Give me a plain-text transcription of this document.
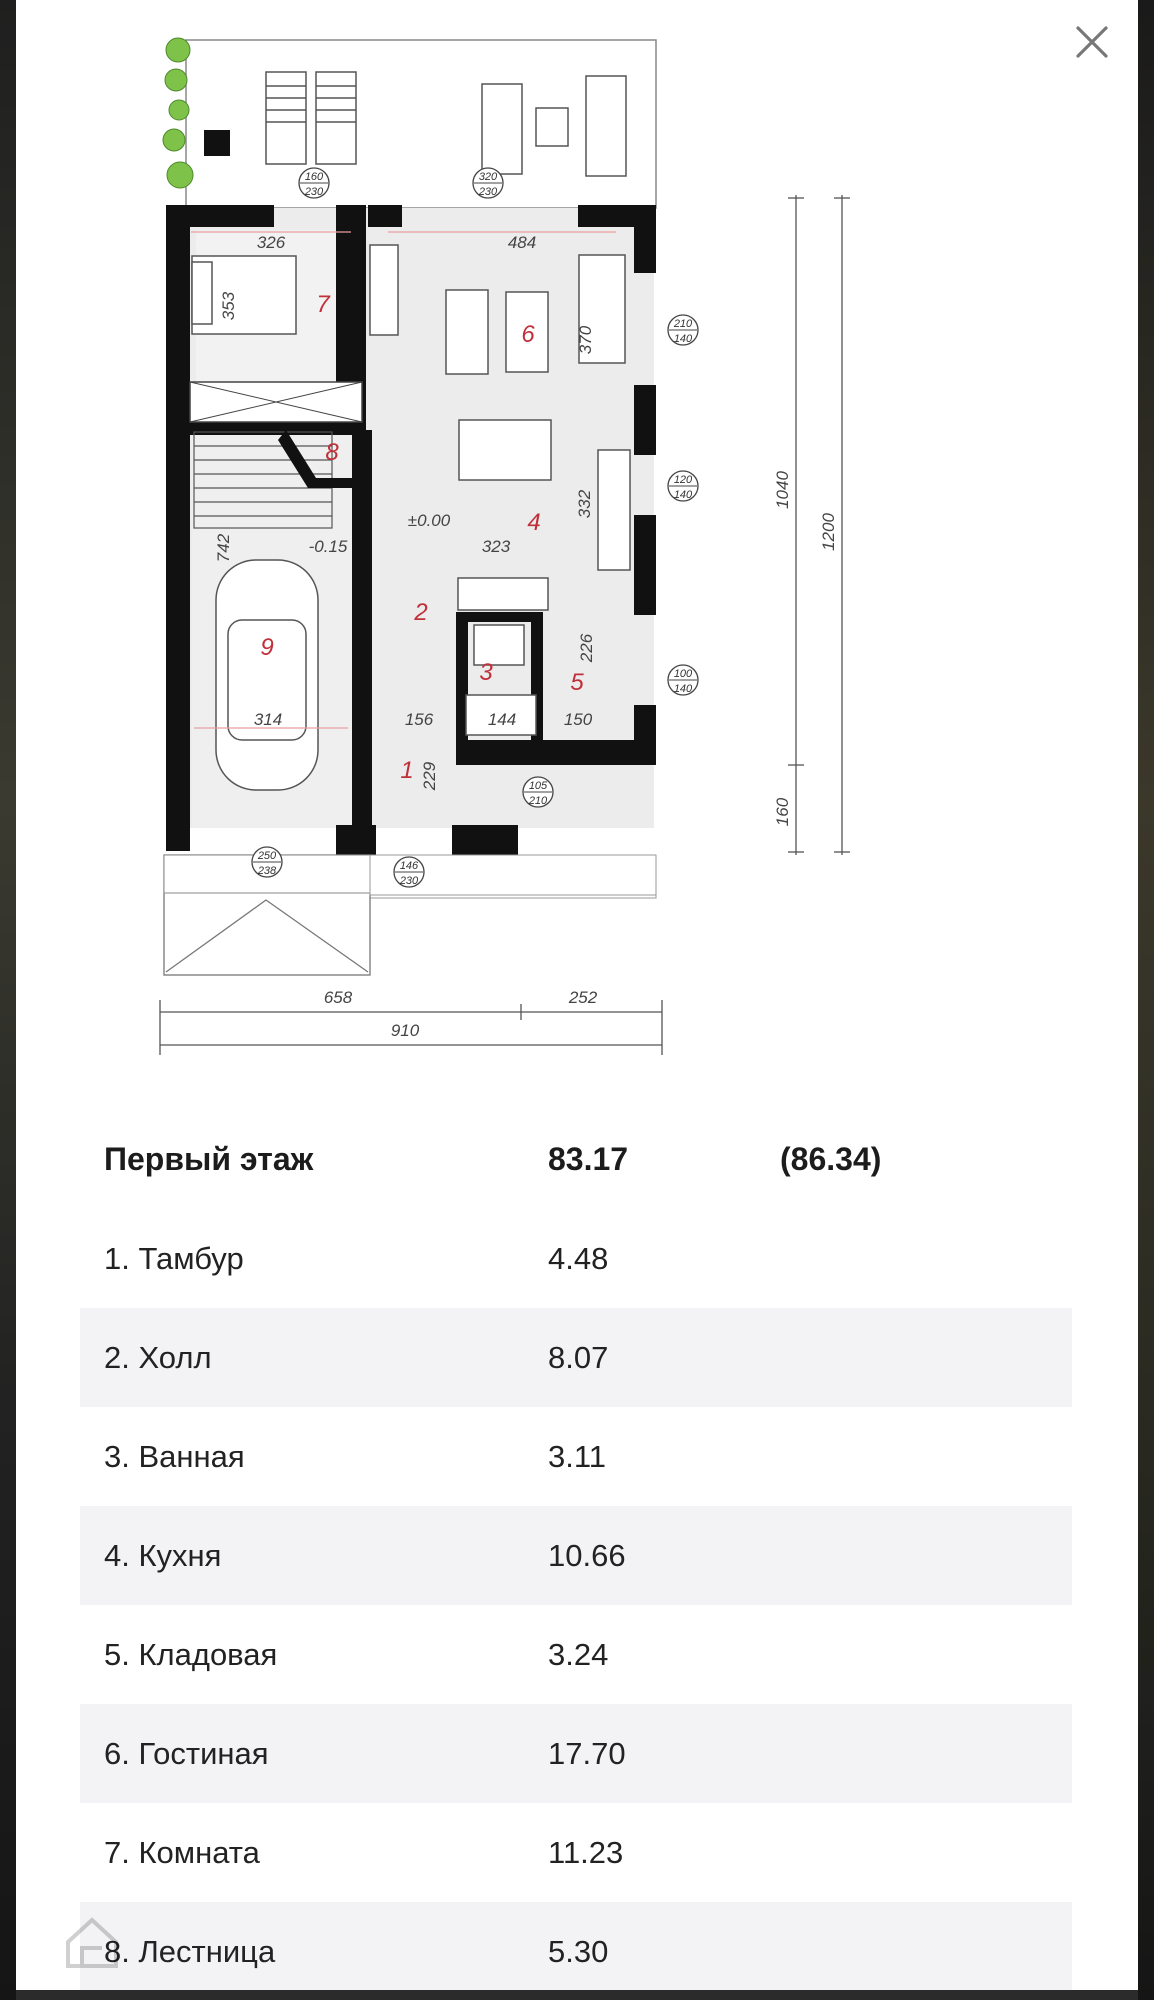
160
230
320
230
210
140
120
140
100
140
105
210
250
238	146
230
1
2
3
4
5
6
7
8
9
326	484
±0.00
-0.15	323
314	156	144	150
658	252
910
353
370
332
742
226
229
1040
1200
160
Первый этаж	83.17	(86.34)
1. Тамбур	4.48
2. Холл	8.07
3. Ванная	3.11
4. Кухня	10.66
5. Кладовая	3.24
6. Гостиная	17.70
7. Комната	11.23
8. Лестница	5.30
